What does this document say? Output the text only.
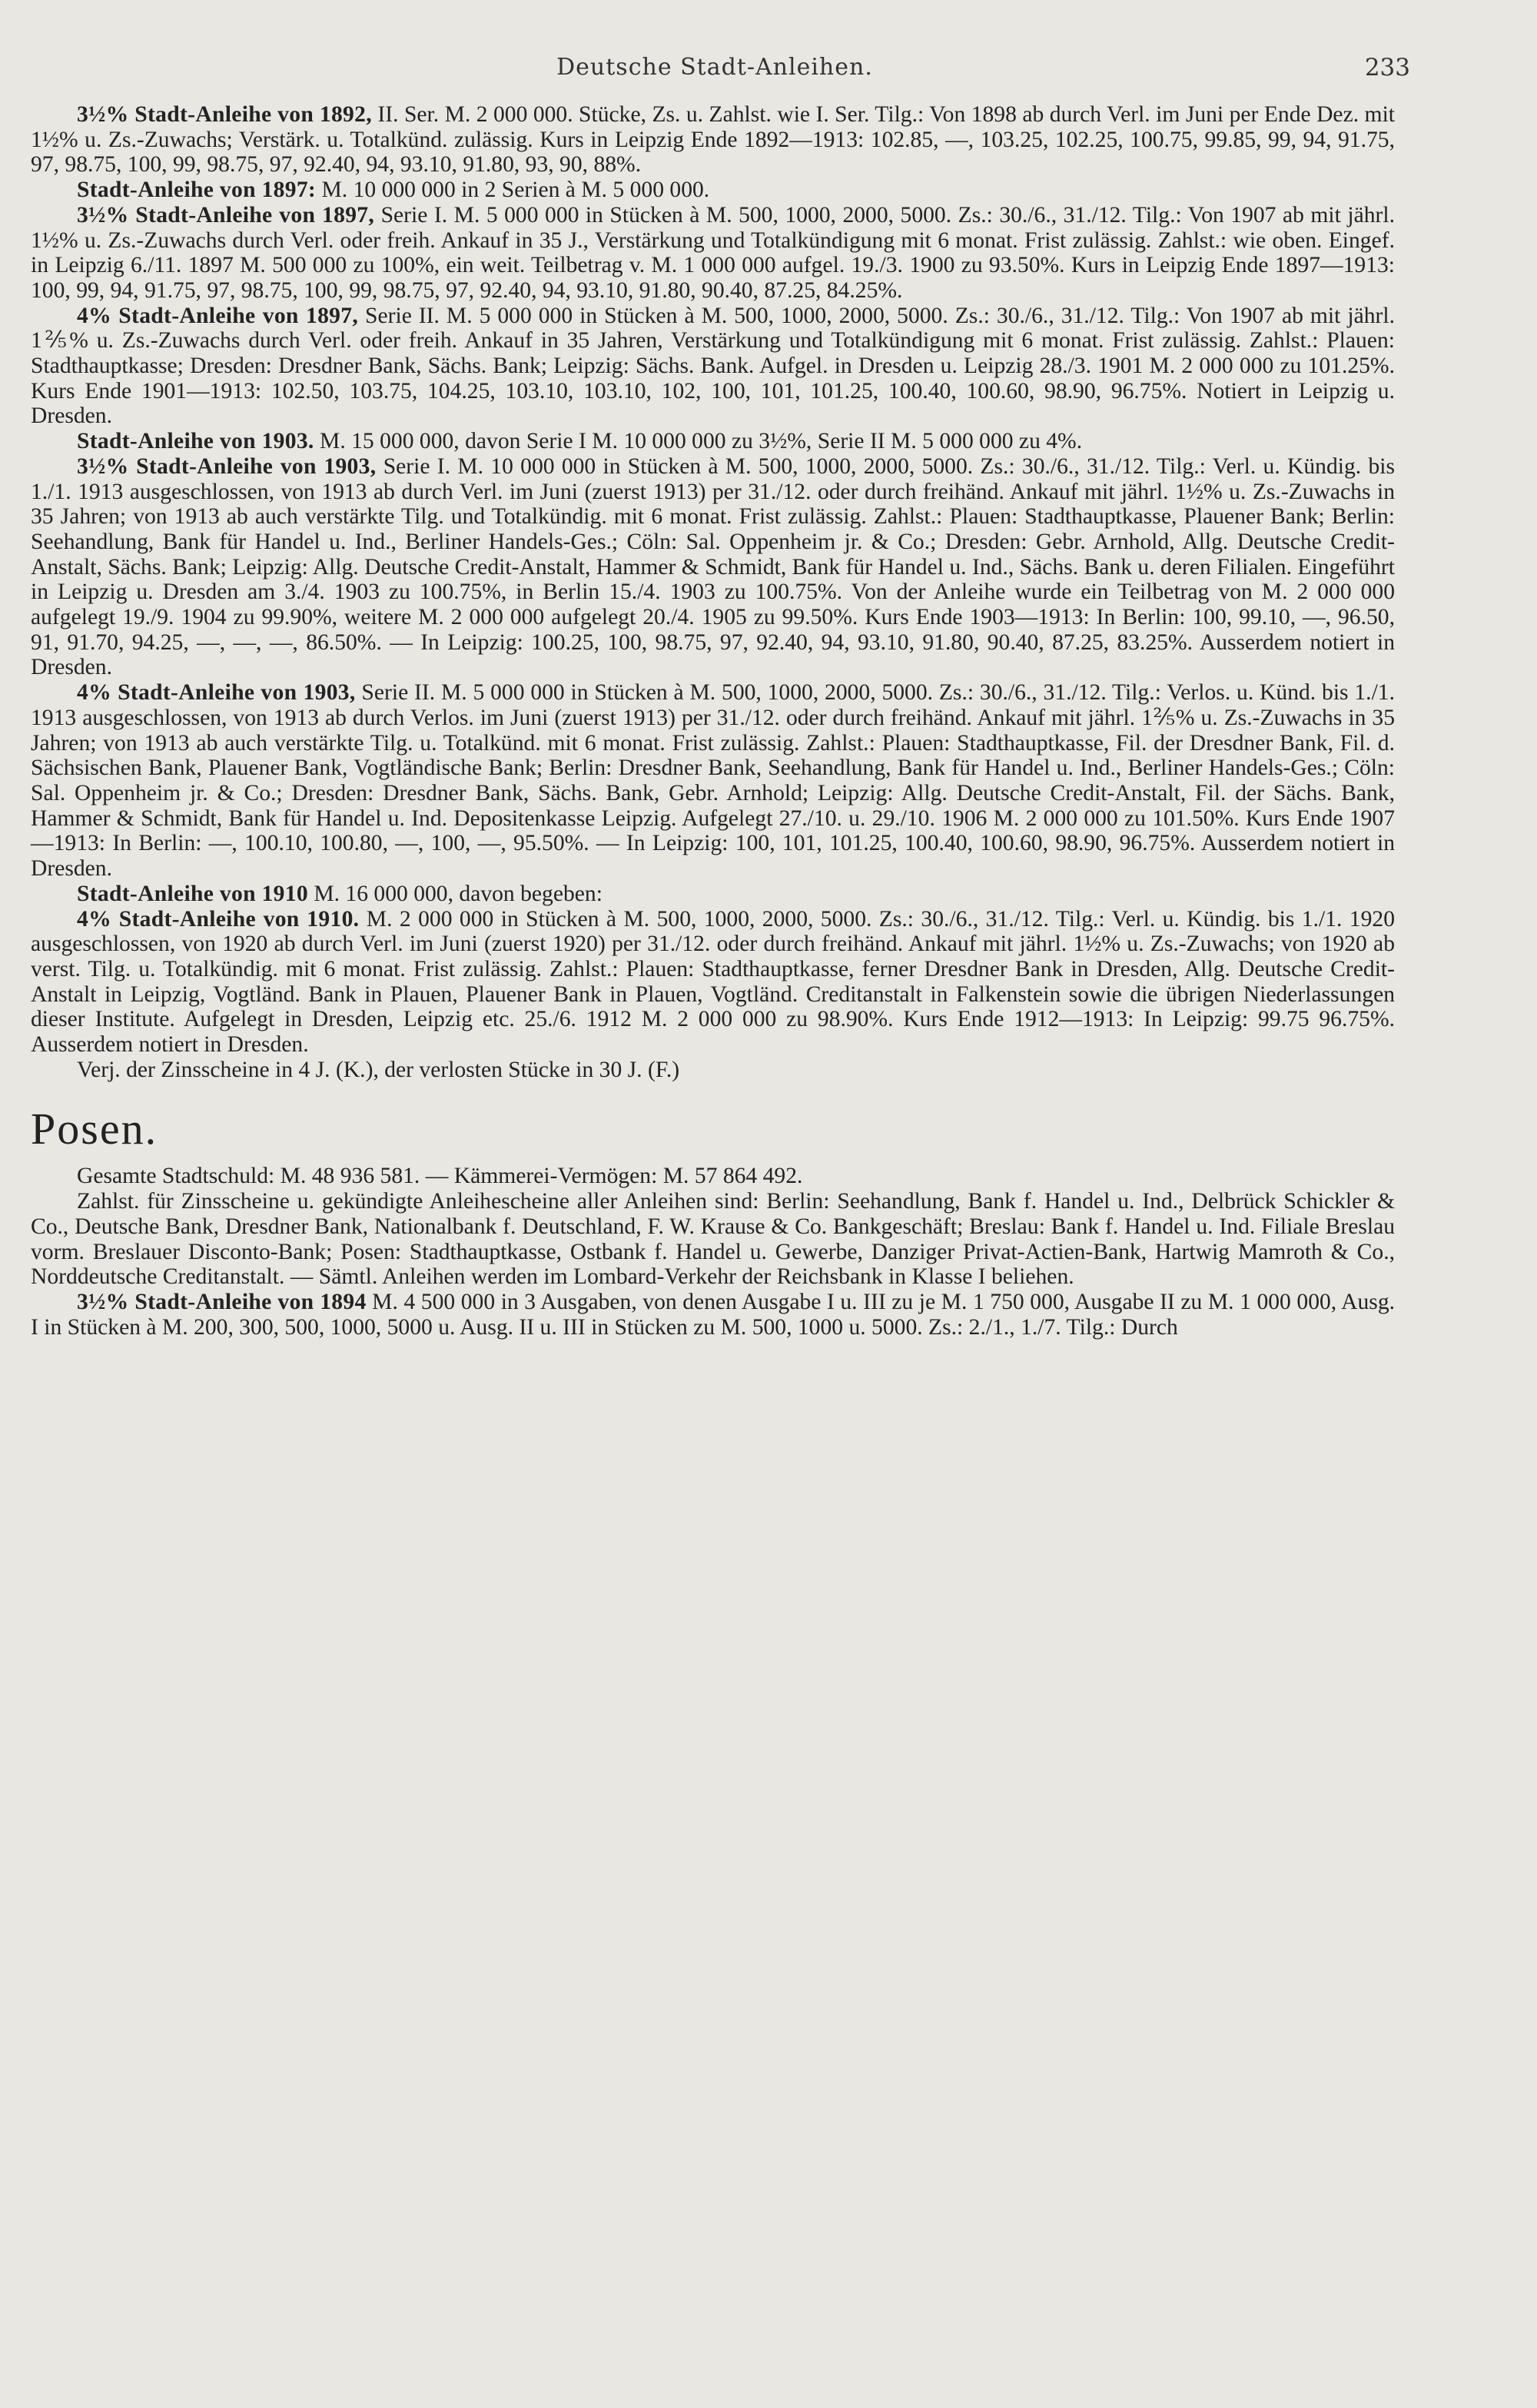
Deutsche Stadt-Anleihen.	233

3½% Stadt-Anleihe von 1892, II. Ser. M. 2 000 000. Stücke, Zs. u. Zahlst. wie I. Ser. Tilg.: Von 1898 ab durch Verl. im Juni per Ende Dez. mit 1½% u. Zs.-Zuwachs; Verstärk. u. Totalkünd. zulässig. Kurs in Leipzig Ende 1892—1913: 102.85, —, 103.25, 102.25, 100.75, 99.85, 99, 94, 91.75, 97, 98.75, 100, 99, 98.75, 97, 92.40, 94, 93.10, 91.80, 93, 90, 88%.

Stadt-Anleihe von 1897: M. 10 000 000 in 2 Serien à M. 5 000 000.

3½% Stadt-Anleihe von 1897, Serie I. M. 5 000 000 in Stücken à M. 500, 1000, 2000, 5000. Zs.: 30./6., 31./12. Tilg.: Von 1907 ab mit jährl. 1½% u. Zs.-Zuwachs durch Verl. oder freih. Ankauf in 35 J., Verstärkung und Totalkündigung mit 6 monat. Frist zulässig. Zahlst.: wie oben. Eingef. in Leipzig 6./11. 1897 M. 500 000 zu 100%, ein weit. Teilbetrag v. M. 1 000 000 aufgel. 19./3. 1900 zu 93.50%. Kurs in Leipzig Ende 1897—1913: 100, 99, 94, 91.75, 97, 98.75, 100, 99, 98.75, 97, 92.40, 94, 93.10, 91.80, 90.40, 87.25, 84.25%.

4% Stadt-Anleihe von 1897, Serie II. M. 5 000 000 in Stücken à M. 500, 1000, 2000, 5000. Zs.: 30./6., 31./12. Tilg.: Von 1907 ab mit jährl. 1⅖% u. Zs.-Zuwachs durch Verl. oder freih. Ankauf in 35 Jahren, Verstärkung und Totalkündigung mit 6 monat. Frist zulässig. Zahlst.: Plauen: Stadthauptkasse; Dresden: Dresdner Bank, Sächs. Bank; Leipzig: Sächs. Bank. Aufgel. in Dresden u. Leipzig 28./3. 1901 M. 2 000 000 zu 101.25%. Kurs Ende 1901—1913: 102.50, 103.75, 104.25, 103.10, 103.10, 102, 100, 101, 101.25, 100.40, 100.60, 98.90, 96.75%. Notiert in Leipzig u. Dresden.

Stadt-Anleihe von 1903. M. 15 000 000, davon Serie I M. 10 000 000 zu 3½%, Serie II M. 5 000 000 zu 4%.

3½% Stadt-Anleihe von 1903, Serie I. M. 10 000 000 in Stücken à M. 500, 1000, 2000, 5000. Zs.: 30./6., 31./12. Tilg.: Verl. u. Kündig. bis 1./1. 1913 ausgeschlossen, von 1913 ab durch Verl. im Juni (zuerst 1913) per 31./12. oder durch freihänd. Ankauf mit jährl. 1½% u. Zs.-Zuwachs in 35 Jahren; von 1913 ab auch verstärkte Tilg. und Totalkündig. mit 6 monat. Frist zulässig. Zahlst.: Plauen: Stadthauptkasse, Plauener Bank; Berlin: Seehandlung, Bank für Handel u. Ind., Berliner Handels-Ges.; Cöln: Sal. Oppenheim jr. & Co.; Dresden: Gebr. Arnhold, Allg. Deutsche Credit-Anstalt, Sächs. Bank; Leipzig: Allg. Deutsche Credit-Anstalt, Hammer & Schmidt, Bank für Handel u. Ind., Sächs. Bank u. deren Filialen. Eingeführt in Leipzig u. Dresden am 3./4. 1903 zu 100.75%, in Berlin 15./4. 1903 zu 100.75%. Von der Anleihe wurde ein Teilbetrag von M. 2 000 000 aufgelegt 19./9. 1904 zu 99.90%, weitere M. 2 000 000 aufgelegt 20./4. 1905 zu 99.50%. Kurs Ende 1903—1913: In Berlin: 100, 99.10, —, 96.50, 91, 91.70, 94.25, —, —, —, 86.50%. — In Leipzig: 100.25, 100, 98.75, 97, 92.40, 94, 93.10, 91.80, 90.40, 87.25, 83.25%. Ausserdem notiert in Dresden.

4% Stadt-Anleihe von 1903, Serie II. M. 5 000 000 in Stücken à M. 500, 1000, 2000, 5000. Zs.: 30./6., 31./12. Tilg.: Verlos. u. Künd. bis 1./1. 1913 ausgeschlossen, von 1913 ab durch Verlos. im Juni (zuerst 1913) per 31./12. oder durch freihänd. Ankauf mit jährl. 1⅖% u. Zs.-Zuwachs in 35 Jahren; von 1913 ab auch verstärkte Tilg. u. Totalkünd. mit 6 monat. Frist zulässig. Zahlst.: Plauen: Stadthauptkasse, Fil. der Dresdner Bank, Fil. d. Sächsischen Bank, Plauener Bank, Vogtländische Bank; Berlin: Dresdner Bank, Seehandlung, Bank für Handel u. Ind., Berliner Handels-Ges.; Cöln: Sal. Oppenheim jr. & Co.; Dresden: Dresdner Bank, Sächs. Bank, Gebr. Arnhold; Leipzig: Allg. Deutsche Credit-Anstalt, Fil. der Sächs. Bank, Hammer & Schmidt, Bank für Handel u. Ind. Depositenkasse Leipzig. Aufgelegt 27./10. u. 29./10. 1906 M. 2 000 000 zu 101.50%. Kurs Ende 1907—1913: In Berlin: —, 100.10, 100.80, —, 100, —, 95.50%. — In Leipzig: 100, 101, 101.25, 100.40, 100.60, 98.90, 96.75%. Ausserdem notiert in Dresden.

Stadt-Anleihe von 1910 M. 16 000 000, davon begeben:

4% Stadt-Anleihe von 1910. M. 2 000 000 in Stücken à M. 500, 1000, 2000, 5000. Zs.: 30./6., 31./12. Tilg.: Verl. u. Kündig. bis 1./1. 1920 ausgeschlossen, von 1920 ab durch Verl. im Juni (zuerst 1920) per 31./12. oder durch freihänd. Ankauf mit jährl. 1½% u. Zs.-Zuwachs; von 1920 ab verst. Tilg. u. Totalkündig. mit 6 monat. Frist zulässig. Zahlst.: Plauen: Stadthauptkasse, ferner Dresdner Bank in Dresden, Allg. Deutsche Credit-Anstalt in Leipzig, Vogtländ. Bank in Plauen, Plauener Bank in Plauen, Vogtländ. Creditanstalt in Falkenstein sowie die übrigen Niederlassungen dieser Institute. Aufgelegt in Dresden, Leipzig etc. 25./6. 1912 M. 2 000 000 zu 98.90%. Kurs Ende 1912—1913: In Leipzig: 99.75 96.75%. Ausserdem notiert in Dresden.

Verj. der Zinsscheine in 4 J. (K.), der verlosten Stücke in 30 J. (F.)

Posen.

Gesamte Stadtschuld: M. 48 936 581. — Kämmerei-Vermögen: M. 57 864 492.

Zahlst. für Zinsscheine u. gekündigte Anleihescheine aller Anleihen sind: Berlin: Seehandlung, Bank f. Handel u. Ind., Delbrück Schickler & Co., Deutsche Bank, Dresdner Bank, Nationalbank f. Deutschland, F. W. Krause & Co. Bankgeschäft; Breslau: Bank f. Handel u. Ind. Filiale Breslau vorm. Breslauer Disconto-Bank; Posen: Stadthauptkasse, Ostbank f. Handel u. Gewerbe, Danziger Privat-Actien-Bank, Hartwig Mamroth & Co., Norddeutsche Creditanstalt. — Sämtl. Anleihen werden im Lombard-Verkehr der Reichsbank in Klasse I beliehen.

3½% Stadt-Anleihe von 1894 M. 4 500 000 in 3 Ausgaben, von denen Ausgabe I u. III zu je M. 1 750 000, Ausgabe II zu M. 1 000 000, Ausg. I in Stücken à M. 200, 300, 500, 1000, 5000 u. Ausg. II u. III in Stücken zu M. 500, 1000 u. 5000. Zs.: 2./1., 1./7. Tilg.: Durch
